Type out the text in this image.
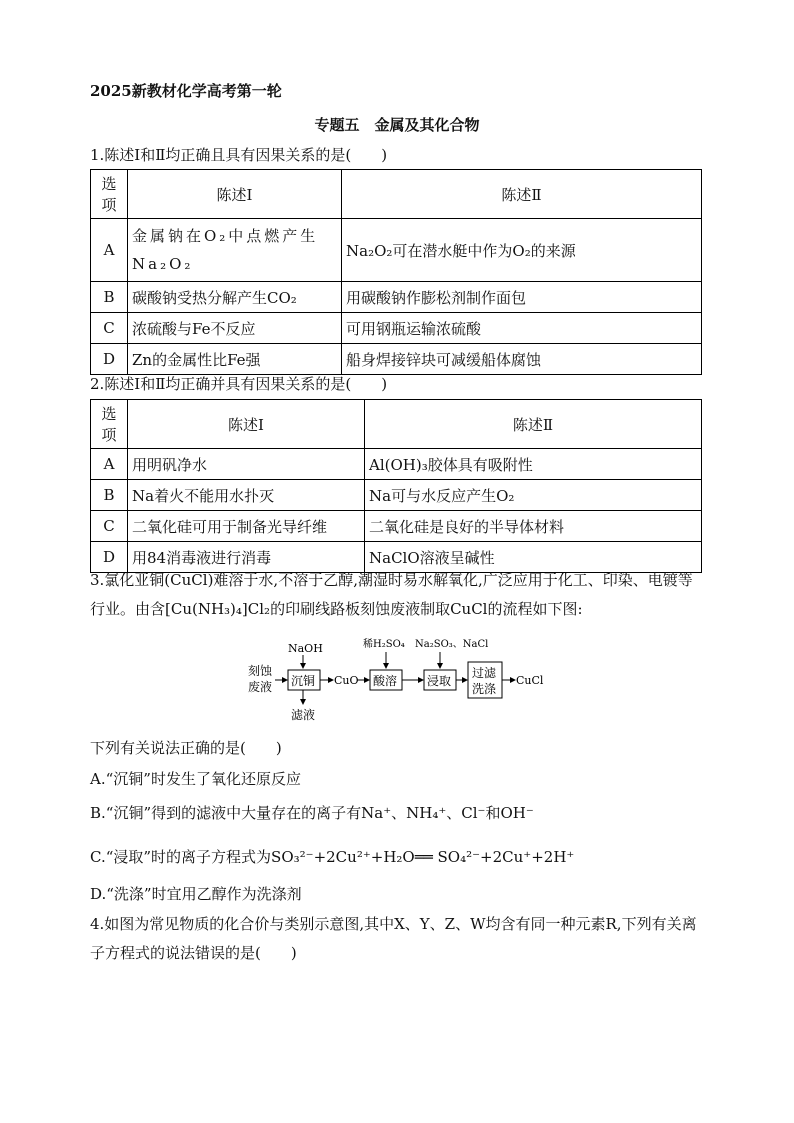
2025新教材化学高考第一轮
专题五　金属及其化合物
1.陈述Ⅰ和Ⅱ均正确且具有因果关系的是(　　)
选项	陈述Ⅰ	陈述Ⅱ
A	金属钠在O₂中点燃产生Na₂O₂	Na₂O₂可在潜水艇中作为O₂的来源
B	碳酸钠受热分解产生CO₂	用碳酸钠作膨松剂制作面包
C	浓硫酸与Fe不反应	可用钢瓶运输浓硫酸
D	Zn的金属性比Fe强	船身焊接锌块可减缓船体腐蚀
2.陈述Ⅰ和Ⅱ均正确并具有因果关系的是(　　)
选项	陈述Ⅰ	陈述Ⅱ
A	用明矾净水	Al(OH)₃胶体具有吸附性
B	Na着火不能用水扑灭	Na可与水反应产生O₂
C	二氧化硅可用于制备光导纤维	二氧化硅是良好的半导体材料
D	用84消毒液进行消毒	NaClO溶液呈碱性
3.氯化亚铜(CuCl)难溶于水,不溶于乙醇,潮湿时易水解氧化,广泛应用于化工、印染、电镀等行业。由含[Cu(NH₃)₄]Cl₂的印刷线路板刻蚀废液制取CuCl的流程如下图:
刻蚀
废液
NaOH
沉铜
滤液
CuO
稀H₂SO₄
酸溶
Na₂SO₃、NaCl
浸取
过滤
洗涤
CuCl
下列有关说法正确的是(　　)
A.“沉铜”时发生了氧化还原反应
B.“沉铜”得到的滤液中大量存在的离子有Na⁺、NH₄⁺、Cl⁻和OH⁻
C.“浸取”时的离子方程式为SO₃²⁻+2Cu²⁺+H₂O══ SO₄²⁻+2Cu⁺+2H⁺
D.“洗涤”时宜用乙醇作为洗涤剂
4.如图为常见物质的化合价与类别示意图,其中X、Y、Z、W均含有同一种元素R,下列有关离子方程式的说法错误的是(　　)
